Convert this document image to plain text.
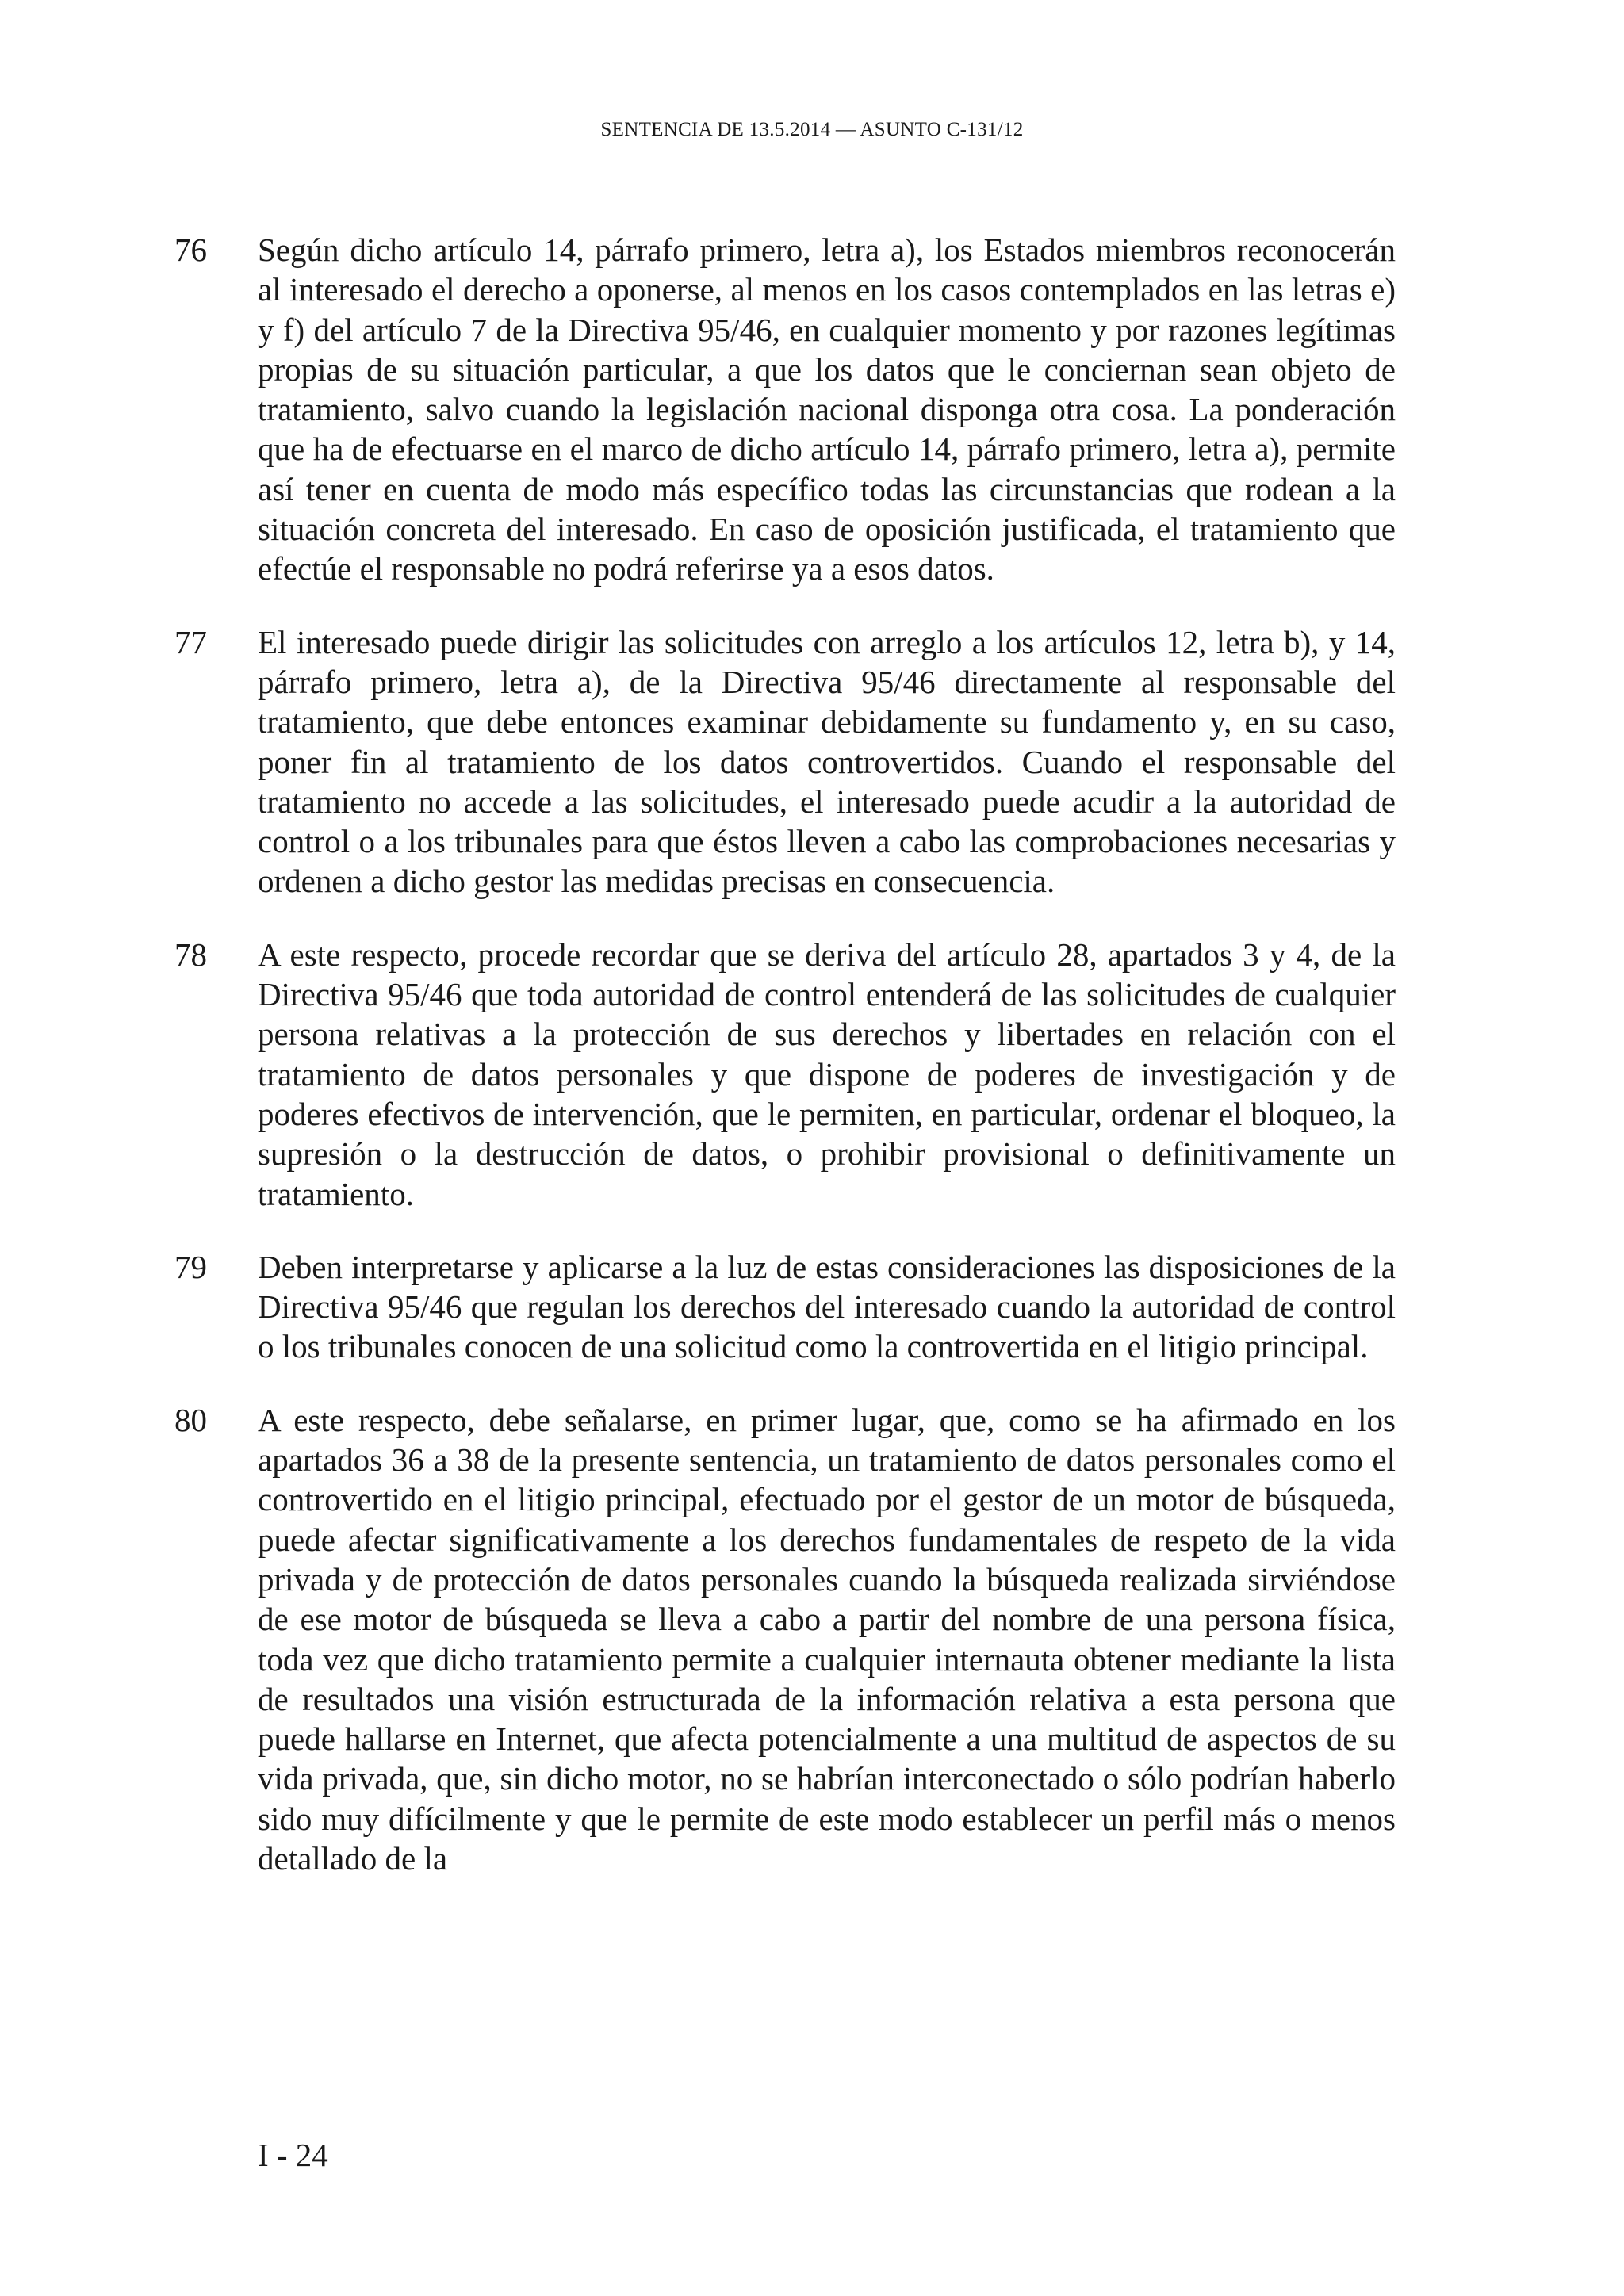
SENTENCIA DE 13.5.2014 — ASUNTO C-131/12
76	Según dicho artículo 14, párrafo primero, letra a), los Estados miembros reconocerán al interesado el derecho a oponerse, al menos en los casos contemplados en las letras e) y f) del artículo 7 de la Directiva 95/46, en cualquier momento y por razones legítimas propias de su situación particular, a que los datos que le conciernan sean objeto de tratamiento, salvo cuando la legislación nacional disponga otra cosa. La ponderación que ha de efectuarse en el marco de dicho artículo 14, párrafo primero, letra a), permite así tener en cuenta de modo más específico todas las circunstancias que rodean a la situación concreta del interesado. En caso de oposición justificada, el tratamiento que efectúe el responsable no podrá referirse ya a esos datos.

77	El interesado puede dirigir las solicitudes con arreglo a los artículos 12, letra b), y 14, párrafo primero, letra a), de la Directiva 95/46 directamente al responsable del tratamiento, que debe entonces examinar debidamente su fundamento y, en su caso, poner fin al tratamiento de los datos controvertidos. Cuando el responsable del tratamiento no accede a las solicitudes, el interesado puede acudir a la autoridad de control o a los tribunales para que éstos lleven a cabo las comprobaciones necesarias y ordenen a dicho gestor las medidas precisas en consecuencia.

78	A este respecto, procede recordar que se deriva del artículo 28, apartados 3 y 4, de la Directiva 95/46 que toda autoridad de control entenderá de las solicitudes de cualquier persona relativas a la protección de sus derechos y libertades en relación con el tratamiento de datos personales y que dispone de poderes de investigación y de poderes efectivos de intervención, que le permiten, en particular, ordenar el bloqueo, la supresión o la destrucción de datos, o prohibir provisional o definitivamente un tratamiento.

79	Deben interpretarse y aplicarse a la luz de estas consideraciones las disposiciones de la Directiva 95/46 que regulan los derechos del interesado cuando la autoridad de control o los tribunales conocen de una solicitud como la controvertida en el litigio principal.

80	A este respecto, debe señalarse, en primer lugar, que, como se ha afirmado en los apartados 36 a 38 de la presente sentencia, un tratamiento de datos personales como el controvertido en el litigio principal, efectuado por el gestor de un motor de búsqueda, puede afectar significativamente a los derechos fundamentales de respeto de la vida privada y de protección de datos personales cuando la búsqueda realizada sirviéndose de ese motor de búsqueda se lleva a cabo a partir del nombre de una persona física, toda vez que dicho tratamiento permite a cualquier internauta obtener mediante la lista de resultados una visión estructurada de la información relativa a esta persona que puede hallarse en Internet, que afecta potencialmente a una multitud de aspectos de su vida privada, que, sin dicho motor, no se habrían interconectado o sólo podrían haberlo sido muy difícilmente y que le permite de este modo establecer un perfil más o menos detallado de la

I - 24
